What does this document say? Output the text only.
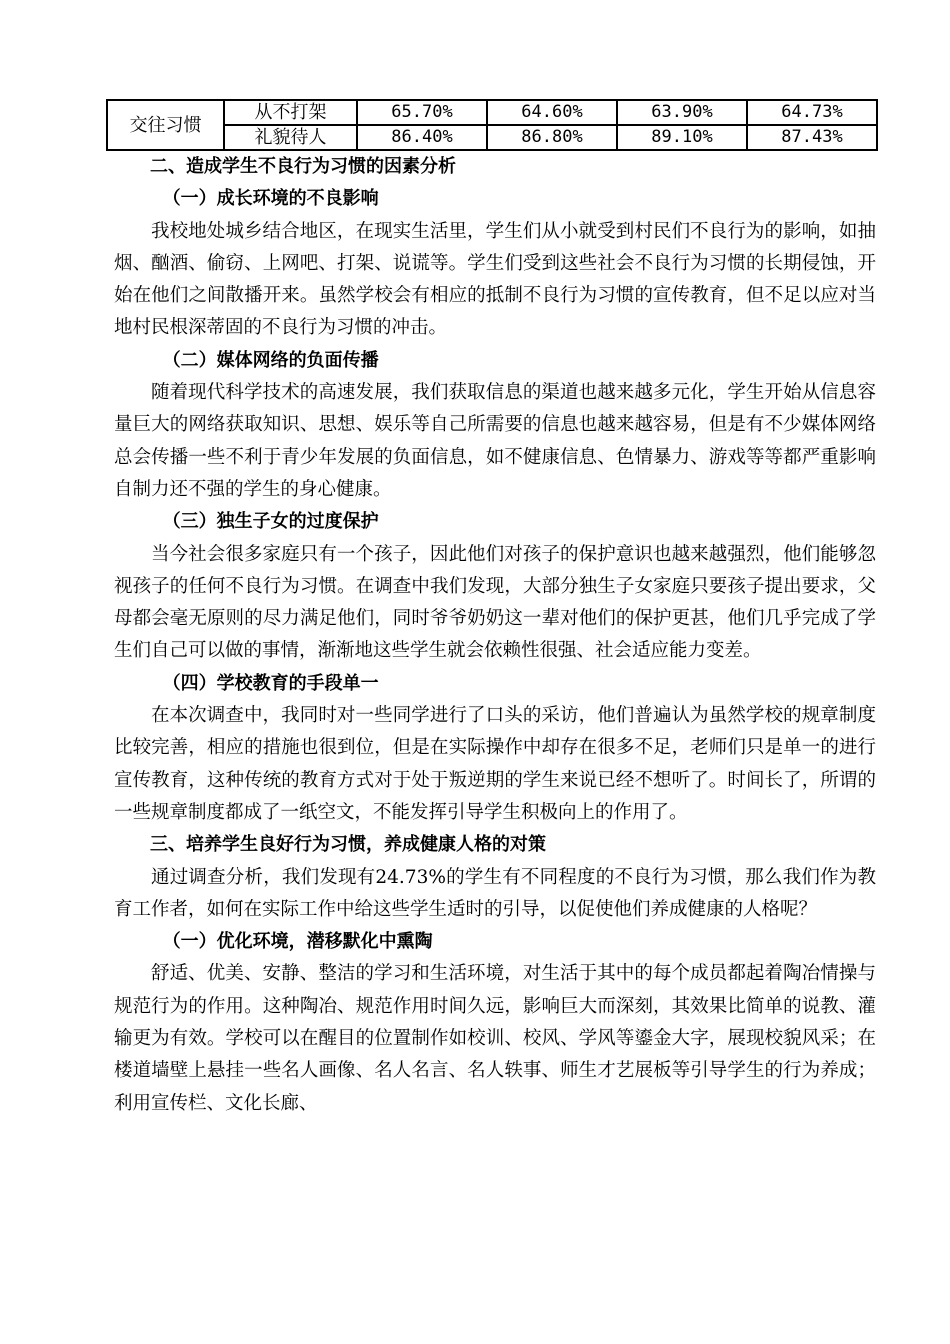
交往习惯	从不打架	65.70%	64.60%	63.90%	64.73%
	礼貌待人	86.40%	86.80%	89.10%	87.43%

二、造成学生不良行为习惯的因素分析

（一）成长环境的不良影响

我校地处城乡结合地区，在现实生活里，学生们从小就受到村民们不良行为的影响，如抽烟、酗酒、偷窃、上网吧、打架、说谎等。学生们受到这些社会不良行为习惯的长期侵蚀，开始在他们之间散播开来。虽然学校会有相应的抵制不良行为习惯的宣传教育，但不足以应对当地村民根深蒂固的不良行为习惯的冲击。

（二）媒体网络的负面传播

随着现代科学技术的高速发展，我们获取信息的渠道也越来越多元化，学生开始从信息容量巨大的网络获取知识、思想、娱乐等自己所需要的信息也越来越容易，但是有不少媒体网络总会传播一些不利于青少年发展的负面信息，如不健康信息、色情暴力、游戏等等都严重影响自制力还不强的学生的身心健康。

（三）独生子女的过度保护

当今社会很多家庭只有一个孩子，因此他们对孩子的保护意识也越来越强烈，他们能够忽视孩子的任何不良行为习惯。在调查中我们发现，大部分独生子女家庭只要孩子提出要求，父母都会毫无原则的尽力满足他们，同时爷爷奶奶这一辈对他们的保护更甚，他们几乎完成了学生们自己可以做的事情，渐渐地这些学生就会依赖性很强、社会适应能力变差。

（四）学校教育的手段单一

在本次调查中，我同时对一些同学进行了口头的采访，他们普遍认为虽然学校的规章制度比较完善，相应的措施也很到位，但是在实际操作中却存在很多不足，老师们只是单一的进行宣传教育，这种传统的教育方式对于处于叛逆期的学生来说已经不想听了。时间长了，所谓的一些规章制度都成了一纸空文，不能发挥引导学生积极向上的作用了。

三、培养学生良好行为习惯，养成健康人格的对策

通过调查分析，我们发现有24.73%的学生有不同程度的不良行为习惯，那么我们作为教育工作者，如何在实际工作中给这些学生适时的引导，以促使他们养成健康的人格呢？

（一）优化环境，潜移默化中熏陶

舒适、优美、安静、整洁的学习和生活环境，对生活于其中的每个成员都起着陶冶情操与规范行为的作用。这种陶冶、规范作用时间久远，影响巨大而深刻，其效果比简单的说教、灌输更为有效。学校可以在醒目的位置制作如校训、校风、学风等鎏金大字，展现校貌风采；在楼道墙壁上悬挂一些名人画像、名人名言、名人轶事、师生才艺展板等引导学生的行为养成；利用宣传栏、文化长廊、
